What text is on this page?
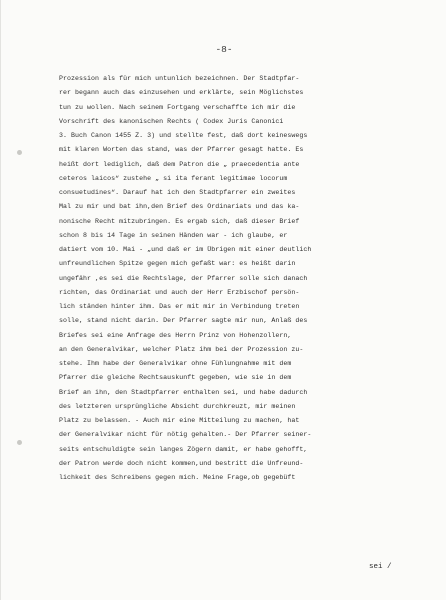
-8-
Prozession als für mich untunlich bezeichnen. Der Stadtpfar-
rer begann auch das einzusehen und erklärte, sein Möglichstes
tun zu wollen. Nach seinem Fortgang verschaffte ich mir die
Vorschrift des kanonischen Rechts ( Codex Juris Canonici
3. Buch Canon 1455 Z. 3) und stellte fest, daß dort keineswegs
mit klaren Worten das stand, was der Pfarrer gesagt hatte. Es
heißt dort lediglich, daß dem Patron die „ praecedentia ante
ceteros laicos“ zustehe „ si ita ferant legitimae locorum
consuetudines“. Darauf hat ich den Stadtpfarrer ein zweites
Mal zu mir und bat ihn,den Brief des Ordinariats und das ka-
nonische Recht mitzubringen. Es ergab sich, daß dieser Brief
schon 8 bis 14 Tage in seinen Händen war - ich glaube, er
datiert vom 10. Mai - „und daß er im Übrigen mit einer deutlich
unfreundlichen Spitze gegen mich gefaßt war: es heißt darin
ungefähr ,es sei die Rechtslage, der Pfarrer solle sich danach
richten, das Ordinariat und auch der Herr Erzbischof persön-
lich ständen hinter ihm. Das er mit mir in Verbindung treten
solle, stand nicht darin. Der Pfarrer sagte mir nun, Anlaß des
Briefes sei eine Anfrage des Herrn Prinz von Hohenzollern,
an den Generalvikar, welcher Platz ihm bei der Prozession zu-
stehe. Ihm habe der Generalvikar ohne Fühlungnahme mit dem
Pfarrer die gleiche Rechtsauskunft gegeben, wie sie in dem
Brief an ihn, den Stadtpfarrer enthalten sei, und habe dadurch
des letzteren ursprüngliche Absicht durchkreuzt, mir meinen
Platz zu belassen. - Auch mir eine Mitteilung zu machen, hat
der Generalvikar nicht für nötig gehalten.- Der Pfarrer seiner-
seits entschuldigte sein langes Zögern damit, er habe gehofft,
der Patron werde doch nicht kommen,und bestritt die Unfreund-
lichkeit des Schreibens gegen mich. Meine Frage,ob gegebüft
sei /
